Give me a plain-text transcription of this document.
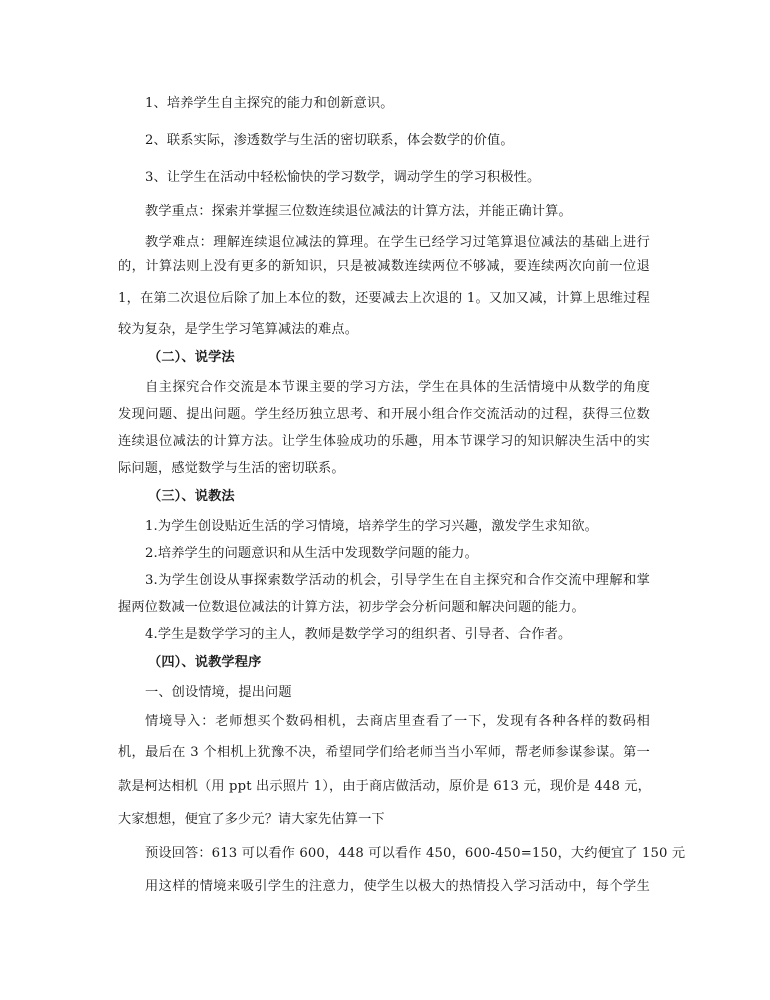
1、培养学生自主探究的能力和创新意识。
2、联系实际，渗透数学与生活的密切联系，体会数学的价值。
3、让学生在活动中轻松愉快的学习数学，调动学生的学习积极性。
教学重点：探索并掌握三位数连续退位减法的计算方法，并能正确计算。
教学难点：理解连续退位减法的算理。在学生已经学习过笔算退位减法的基础上进行
的，计算法则上没有更多的新知识，只是被减数连续两位不够减，要连续两次向前一位退
1，在第二次退位后除了加上本位的数，还要减去上次退的 1。又加又减，计算上思维过程
较为复杂，是学生学习笔算减法的难点。
（二）、说学法
自主探究合作交流是本节课主要的学习方法，学生在具体的生活情境中从数学的角度
发现问题、提出问题。学生经历独立思考、和开展小组合作交流活动的过程，获得三位数
连续退位减法的计算方法。让学生体验成功的乐趣，用本节课学习的知识解决生活中的实
际问题，感觉数学与生活的密切联系。
（三）、说教法
1.为学生创设贴近生活的学习情境，培养学生的学习兴趣，激发学生求知欲。
2.培养学生的问题意识和从生活中发现数学问题的能力。
3.为学生创设从事探索数学活动的机会，引导学生在自主探究和合作交流中理解和掌
握两位数减一位数退位减法的计算方法，初步学会分析问题和解决问题的能力。
4.学生是数学学习的主人，教师是数学学习的组织者、引导者、合作者。
（四）、说教学程序
一、创设情境，提出问题
情境导入：老师想买个数码相机，去商店里查看了一下，发现有各种各样的数码相
机，最后在 3 个相机上犹豫不决，希望同学们给老师当当小军师，帮老师参谋参谋。第一
款是柯达相机（用 ppt 出示照片 1），由于商店做活动，原价是 613 元，现价是 448 元，
大家想想，便宜了多少元？请大家先估算一下
预设回答：613 可以看作 600，448 可以看作 450，600-450=150，大约便宜了 150 元
用这样的情境来吸引学生的注意力，使学生以极大的热情投入学习活动中，每个学生
